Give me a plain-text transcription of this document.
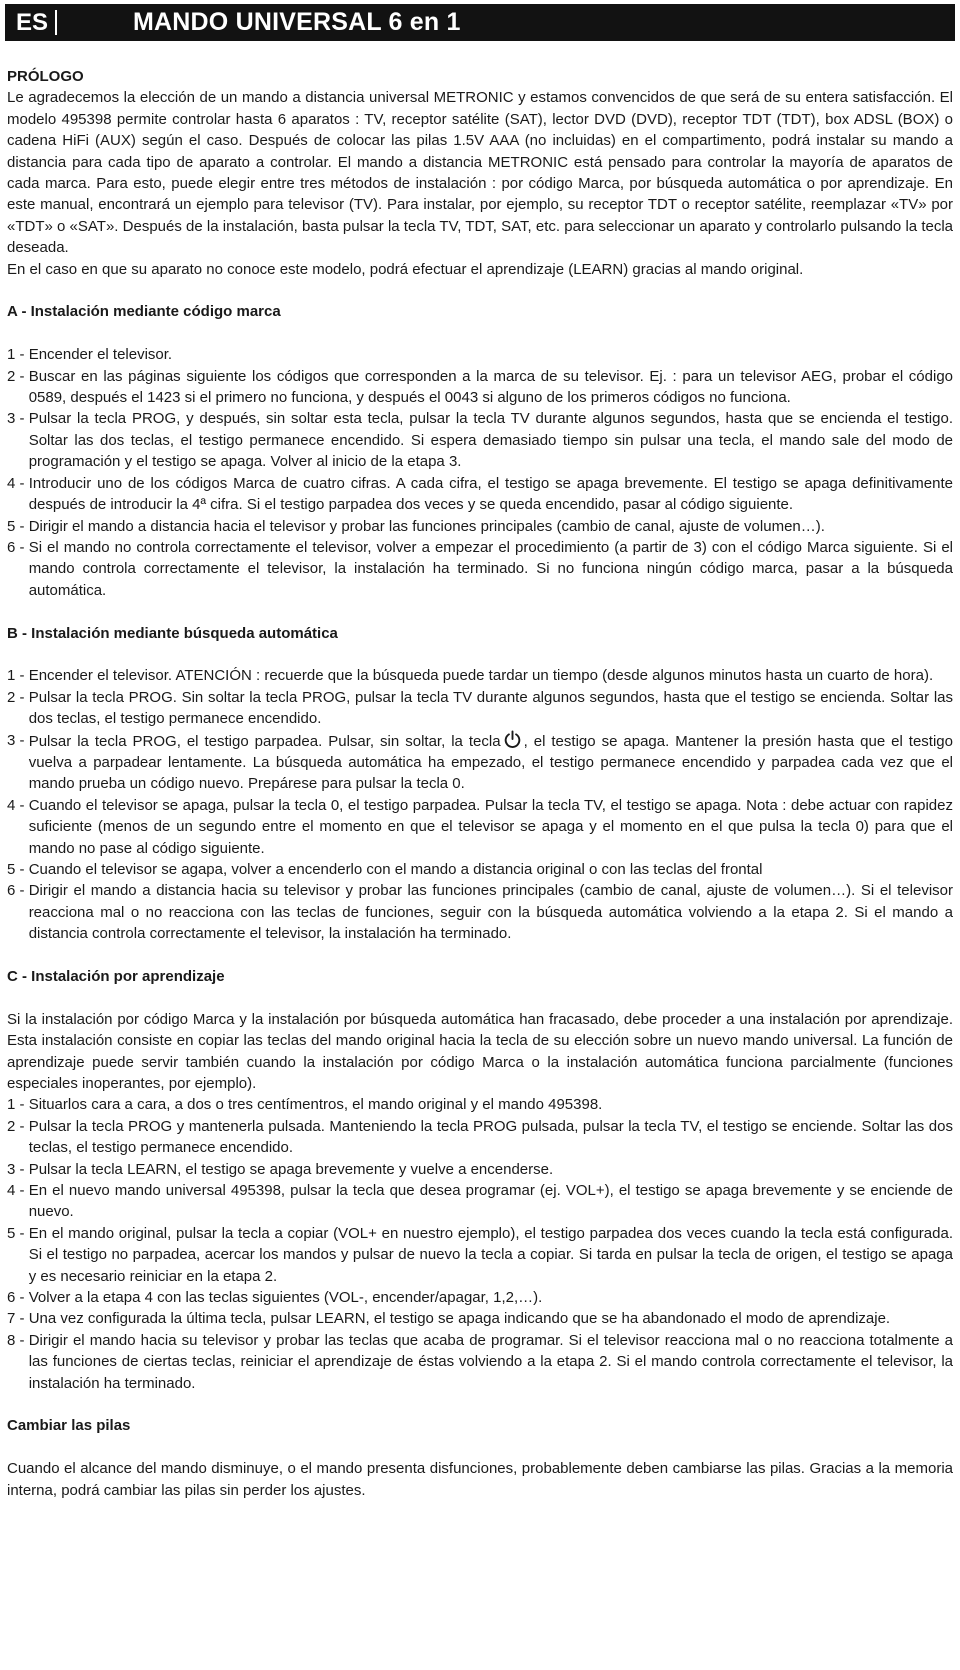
ES	MANDO UNIVERSAL 6 en 1
PRÓLOGO

Le agradecemos la elección de un mando a distancia universal METRONIC y estamos convencidos de que será de su entera satisfacción. El modelo 495398 permite controlar hasta 6 aparatos : TV, receptor satélite (SAT), lector DVD (DVD), receptor TDT (TDT), box ADSL (BOX) o cadena HiFi (AUX) según el caso. Después de colocar las pilas 1.5V AAA (no incluidas) en el compartimento, podrá instalar su mando a distancia para cada tipo de aparato a controlar. El mando a distancia METRONIC está pensado para controlar la mayoría de aparatos de cada marca. Para esto, puede elegir entre tres métodos de instalación : por código Marca, por búsqueda automática o por aprendizaje. En este manual, encontrará un ejemplo para televisor (TV). Para instalar, por ejemplo, su receptor TDT o receptor satélite, reemplazar «TV» por «TDT» o «SAT». Después de la instalación, basta pulsar la tecla TV, TDT, SAT, etc. para seleccionar un aparato y controlarlo pulsando la tecla deseada.

En el caso en que su aparato no conoce este modelo, podrá efectuar el aprendizaje (LEARN) gracias al mando original.

A - Instalación mediante código marca
1 - Encender el televisor.
2 - Buscar en las páginas siguiente los códigos que corresponden a la marca de su televisor. Ej. : para un televisor AEG, probar el código 0589, después el 1423 si el primero no funciona, y después el 0043 si alguno de los primeros códigos no funciona.
3 - Pulsar la tecla PROG, y después, sin soltar esta tecla, pulsar la tecla TV durante algunos segundos, hasta que se encienda el testigo. Soltar las dos teclas, el testigo permanece encendido. Si espera demasiado tiempo sin pulsar una tecla, el mando sale del modo de programación y el testigo se apaga. Volver al inicio de la etapa 3.
4 - Introducir uno de los códigos Marca de cuatro cifras. A cada cifra, el testigo se apaga brevemente. El testigo se apaga definitivamente después de introducir la 4ª cifra. Si el testigo parpadea dos veces y se queda encendido, pasar al código siguiente.
5 - Dirigir el mando a distancia hacia el televisor y probar las funciones principales (cambio de canal, ajuste de volumen…).
6 - Si el mando no controla correctamente el televisor, volver a empezar el procedimiento (a partir de 3) con el código Marca siguiente. Si el mando controla correctamente el televisor, la instalación ha terminado. Si no funciona ningún código marca, pasar a la búsqueda automática.
B - Instalación mediante búsqueda automática
1 - Encender el televisor. ATENCIÓN : recuerde que la búsqueda puede tardar un tiempo (desde algunos minutos hasta un cuarto de hora).
2 - Pulsar la tecla PROG. Sin soltar la tecla PROG, pulsar la tecla TV durante algunos segundos, hasta que el testigo se encienda. Soltar las dos teclas, el testigo permanece encendido.
3 - Pulsar la tecla PROG, el testigo parpadea. Pulsar, sin soltar, la tecla , el testigo se apaga. Mantener la presión hasta que el testigo vuelva a parpadear lentamente. La búsqueda automática ha empezado, el testigo permanece encendido y parpadea cada vez que el mando prueba un código nuevo. Prepárese para pulsar la tecla 0.
4 - Cuando el televisor se apaga, pulsar la tecla 0, el testigo parpadea. Pulsar la tecla TV, el testigo se apaga. Nota : debe actuar con rapidez suficiente (menos de un segundo entre el momento en que el televisor se apaga y el momento en el que pulsa la tecla 0) para que el mando no pase al código siguiente.
5 - Cuando el televisor se agapa, volver a encenderlo con el mando a distancia original o con las teclas del frontal
6 - Dirigir el mando a distancia hacia su televisor y probar las funciones principales (cambio de canal, ajuste de volumen…). Si el televisor reacciona mal o no reacciona con las teclas de funciones, seguir con la búsqueda automática volviendo a la etapa 2. Si el mando a distancia controla correctamente el televisor, la instalación ha terminado.
C - Instalación por aprendizaje

Si la instalación por código Marca y la instalación por búsqueda automática han fracasado, debe proceder a una instalación por aprendizaje. Esta instalación consiste en copiar las teclas del mando original hacia la tecla de su elección sobre un nuevo mando universal. La función de aprendizaje puede servir también cuando la instalación por código Marca o la instalación automática funciona parcialmente (funciones especiales inoperantes, por ejemplo).

1 - Situarlos cara a cara, a dos o tres centímentros, el mando original y el mando 495398.
2 - Pulsar la tecla PROG y mantenerla pulsada. Manteniendo la tecla PROG pulsada, pulsar la tecla TV, el testigo se enciende. Soltar las dos teclas, el testigo permanece encendido.
3 - Pulsar la tecla LEARN, el testigo se apaga brevemente y vuelve a encenderse.
4 - En el nuevo mando universal 495398, pulsar la tecla que desea programar (ej. VOL+), el testigo se apaga brevemente y se enciende de nuevo.
5 - En el mando original, pulsar la tecla a copiar (VOL+ en nuestro ejemplo), el testigo parpadea dos veces cuando la tecla está configurada. Si el testigo no parpadea, acercar los mandos y pulsar de nuevo la tecla a copiar. Si tarda en pulsar la tecla de origen, el testigo se apaga y es necesario reiniciar en la etapa 2.
6 - Volver a la etapa 4 con las teclas siguientes (VOL-, encender/apagar, 1,2,…).
7 - Una vez configurada la última tecla, pulsar LEARN, el testigo se apaga indicando que se ha abandonado el modo de aprendizaje.
8 - Dirigir el mando hacia su televisor y probar las teclas que acaba de programar. Si el televisor reacciona mal o no reacciona totalmente a las funciones de ciertas teclas, reiniciar el aprendizaje de éstas volviendo a la etapa 2. Si el mando controla correctamente el televisor, la instalación ha terminado.
Cambiar las pilas

Cuando el alcance del mando disminuye, o el mando presenta disfunciones, probablemente deben cambiarse las pilas. Gracias a la memoria interna, podrá cambiar las pilas sin perder los ajustes.
